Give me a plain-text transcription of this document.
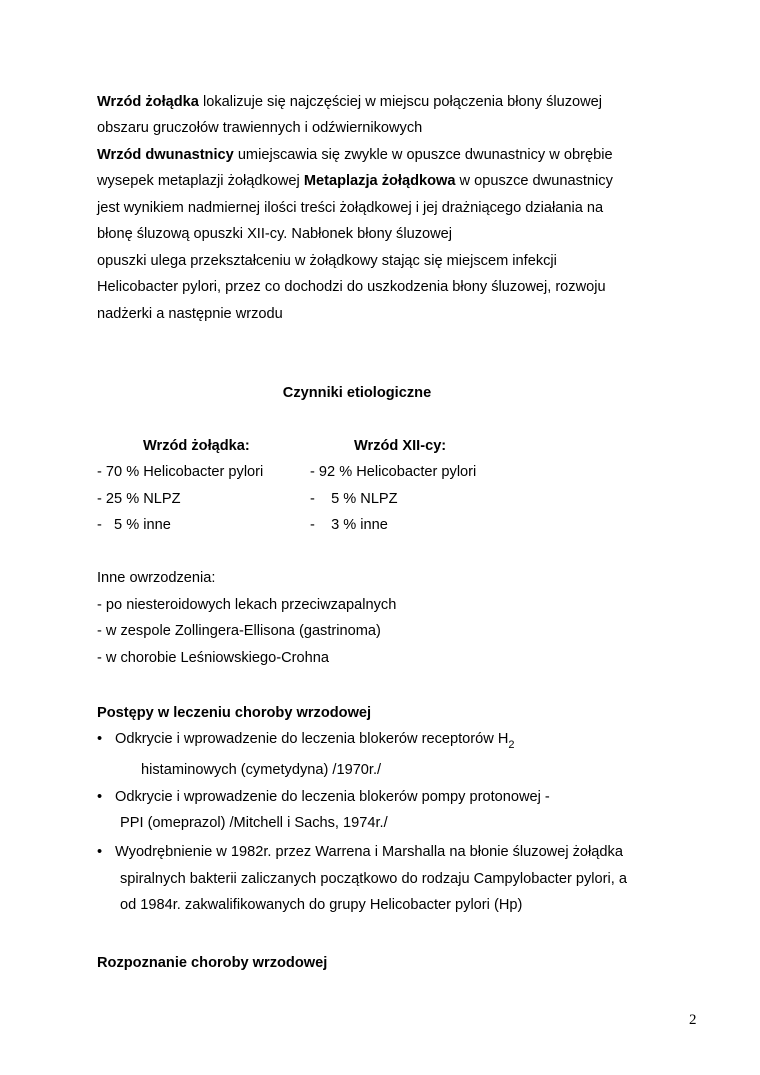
Wrzód żołądka lokalizuje się najczęściej w miejscu połączenia błony śluzowej
obszaru gruczołów trawiennych i odźwiernikowych
Wrzód dwunastnicy umiejscawia się zwykle w opuszce dwunastnicy w obrębie
wysepek metaplazji żołądkowej Metaplazja żołądkowa w opuszce dwunastnicy
jest wynikiem nadmiernej ilości treści żołądkowej i jej drażniącego działania na
błonę śluzową opuszki XII-cy. Nabłonek błony śluzowej
opuszki ulega przekształceniu w żołądkowy stając się miejscem infekcji
Helicobacter pylori, przez co dochodzi do uszkodzenia błony śluzowej, rozwoju
nadżerki a następnie wrzodu
Czynniki etiologiczne
Wrzód żołądka:	Wrzód XII-cy:
- 70 % Helicobacter pylori
- 25 % NLPZ
-   5 % inne
- 92 % Helicobacter pylori
-    5 % NLPZ
-    3 % inne
Inne owrzodzenia:
- po niesteroidowych lekach przeciwzapalnych
- w zespole Zollingera-Ellisona (gastrinoma)
- w chorobie Leśniowskiego-Crohna
Postępy w leczeniu choroby wrzodowej
• Odkrycie i wprowadzenie do leczenia blokerów receptorów $H_2$
histaminowych (cymetydyna) /1970r./
• Odkrycie i wprowadzenie do leczenia blokerów pompy protonowej -
PPI (omeprazol) /Mitchell i Sachs, 1974r./
• Wyodrębnienie w 1982r. przez Warrena i Marshalla na błonie śluzowej żołądka
spiralnych bakterii zaliczanych początkowo do rodzaju Campylobacter pylori, a
od 1984r. zakwalifikowanych do grupy Helicobacter pylori (Hp)
Rozpoznanie choroby wrzodowej
2
